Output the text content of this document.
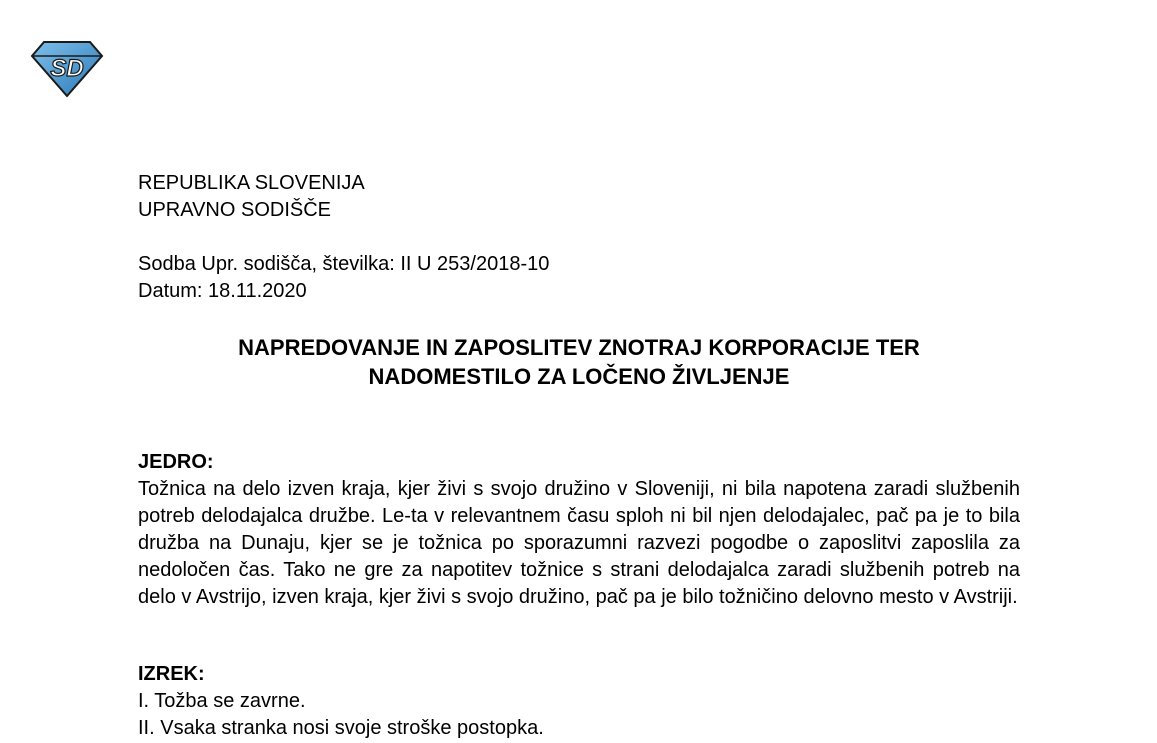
SD
REPUBLIKA SLOVENIJA
UPRAVNO SODIŠČE
Sodba Upr. sodišča, številka: II U 253/2018-10
Datum: 18.11.2020
NAPREDOVANJE IN ZAPOSLITEV ZNOTRAJ KORPORACIJE TER
NADOMESTILO ZA LOČENO ŽIVLJENJE
JEDRO:

Tožnica na delo izven kraja, kjer živi s svojo družino v Sloveniji, ni bila napotena zaradi službenih potreb delodajalca družbe. Le-ta v relevantnem času sploh ni bil njen delodajalec, pač pa je to bila družba na Dunaju, kjer se je tožnica po sporazumni razvezi pogodbe o zaposlitvi zaposlila za nedoločen čas. Tako ne gre za napotitev tožnice s strani delodajalca zaradi službenih potreb na delo v Avstrijo, izven kraja, kjer živi s svojo družino, pač pa je bilo tožničino delovno mesto v Avstriji.

IZREK:
I. Tožba se zavrne.
II. Vsaka stranka nosi svoje stroške postopka.
